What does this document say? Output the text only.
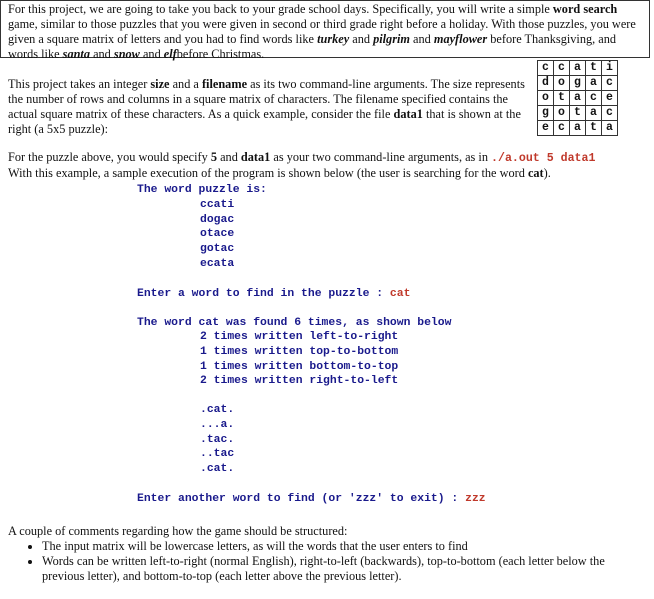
For this project, we are going to take you back to your grade school days. Specifically, you will write a simple word search game, similar to those puzzles that you were given in second or third grade right before a holiday. With those puzzles, you were given a square matrix of letters and you had to find words like turkey and pilgrim and mayflower before Thanksgiving, and words like santa and snow and elfbefore Christmas.
This project takes an integer size and a filename as its two command-line arguments. The size represents the number of rows and columns in a square matrix of characters. The filename specified contains the actual square matrix of these characters. As a quick example, consider the file data1 that is shown at the right (a 5x5 puzzle):
c	c	a	t	i
d	o	g	a	c
o	t	a	c	e
g	o	t	a	c
e	c	a	t	a
For the puzzle above, you would specify 5 and data1 as your two command-line arguments, as in ./a.out 5 data1
With this example, a sample execution of the program is shown below (the user is searching for the word cat).
The word puzzle is:
ccati
dogac
otace
gotac
ecata
Enter a word to find in the puzzle : cat
The word cat was found 6 times, as shown below
2 times written left-to-right
1 times written top-to-bottom
1 times written bottom-to-top
2 times written right-to-left
.cat.
...a.
.tac.
..tac
.cat.
Enter another word to find (or 'zzz' to exit) : zzz
A couple of comments regarding how the game should be structured:
• The input matrix will be lowercase letters, as will the words that the user enters to find
• Words can be written left-to-right (normal English), right-to-left (backwards), top-to-bottom (each letter below the previous letter), and bottom-to-top (each letter above the previous letter).
